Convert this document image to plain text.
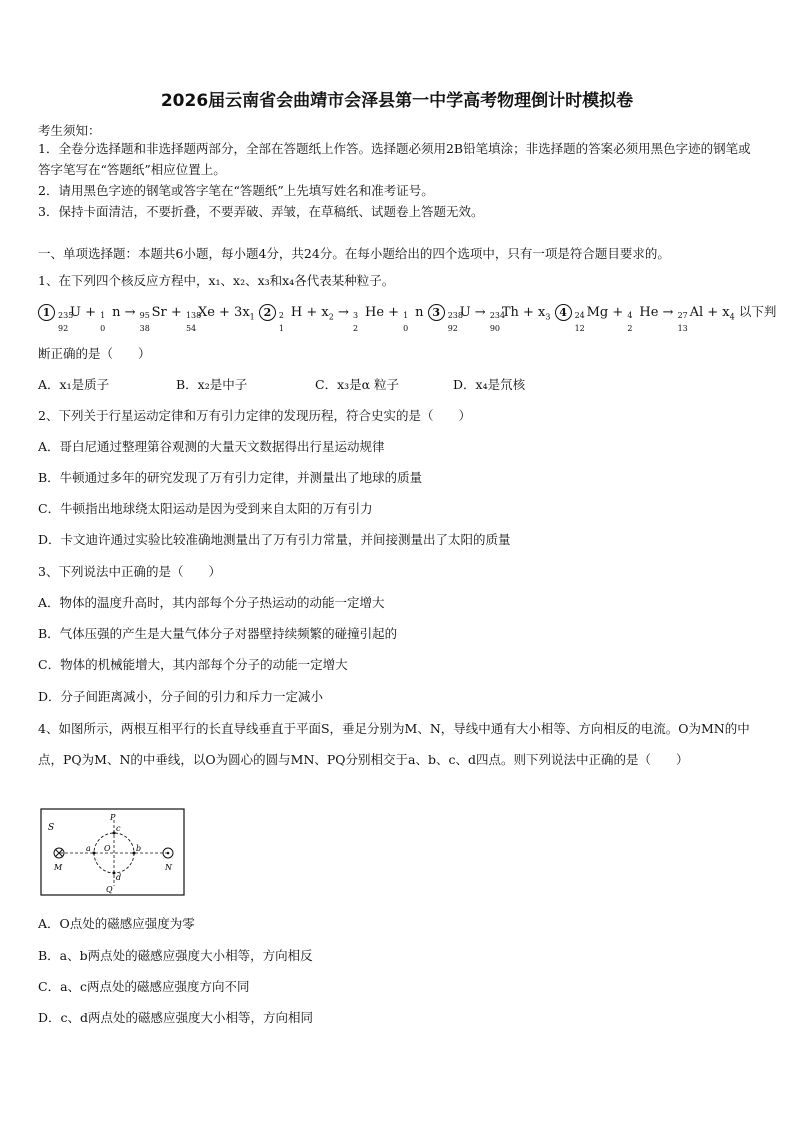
2026届云南省会曲靖市会泽县第一中学高考物理倒计时模拟卷
考生须知：
1．全卷分选择题和非选择题两部分，全部在答题纸上作答。选择题必须用2B铅笔填涂；非选择题的答案必须用黑色字迹的钢笔或答字笔写在“答题纸”相应位置上。
2．请用黑色字迹的钢笔或答字笔在“答题纸”上先填写姓名和准考证号。
3．保持卡面清洁，不要折叠，不要弄破、弄皱，在草稿纸、试题卷上答题无效。
一、单项选择题：本题共6小题，每小题4分，共24分。在每小题给出的四个选项中，只有一项是符合题目要求的。
1、在下列四个核反应方程中，x₁、x₂、x₃和x₄各代表某种粒子。
1 235
92
U + 1
0
n → 95
38
Sr + 138
54
$Xe + 3x_1$ 2 2
1
$H + x_2 \to 3$
2
He + 1
0
n 3 238
92
U → 234
90
$Th + x_3$ 4 24
12
Mg + 4
2
He → 27
13
$Al + x_4$ 以下判
断正确的是（　　）
A．x₁是质子	B．x₂是中子	C．x₃是α 粒子	D．x₄是氘核
2、下列关于行星运动定律和万有引力定律的发现历程，符合史实的是（　　）
A．哥白尼通过整理第谷观测的大量天文数据得出行星运动规律
B．牛顿通过多年的研究发现了万有引力定律，并测量出了地球的质量
C．牛顿指出地球绕太阳运动是因为受到来自太阳的万有引力
D．卡文迪许通过实验比较准确地测量出了万有引力常量，并间接测量出了太阳的质量
3、下列说法中正确的是（　　）
A．物体的温度升高时，其内部每个分子热运动的动能一定增大
B．气体压强的产生是大量气体分子对器壁持续频繁的碰撞引起的
C．物体的机械能增大，其内部每个分子的动能一定增大
D．分子间距离减小，分子间的引力和斥力一定减小
4、如图所示，两根互相平行的长直导线垂直于平面S，垂足分别为M、N，导线中通有大小相等、方向相反的电流。O为MN的中点，PQ为M、N的中垂线，以O为圆心的圆与MN、PQ分别相交于a、b、c、d四点。则下列说法中正确的是（　　）
S
P
c
a O	b
M	N
d
Q
A．O点处的磁感应强度为零
B．a、b两点处的磁感应强度大小相等，方向相反
C．a、c两点处的磁感应强度方向不同
D．c、d两点处的磁感应强度大小相等，方向相同
